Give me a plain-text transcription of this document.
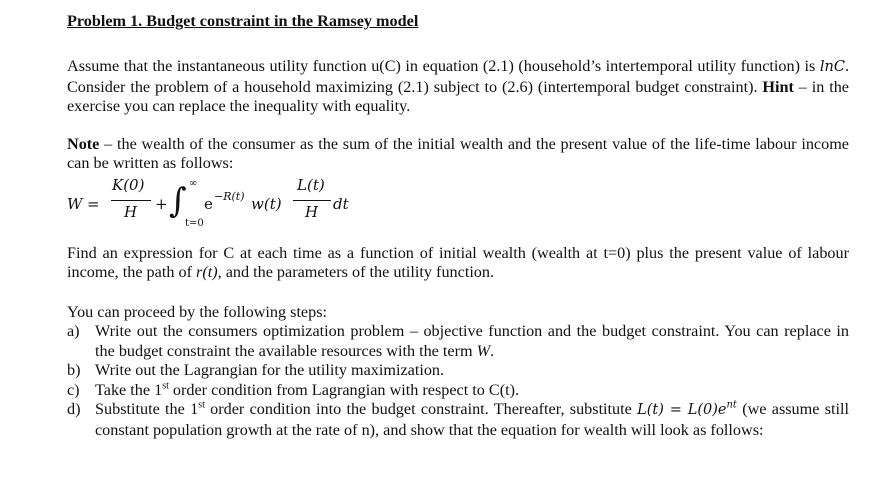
Problem 1. Budget constraint in the Ramsey model

Assume that the instantaneous utility function u(C) in equation (2.1) (household’s intertemporal utility function) is lnC. Consider the problem of a household maximizing (2.1) subject to (2.6) (intertemporal budget constraint). Hint – in the exercise you can replace the inequality with equality.

Note – the wealth of the consumer as the sum of the initial wealth and the present value of the life-time labour income can be written as follows:

W =
K(0)
H + ∫ ∞
t=0
e −R(t) w(t)
L(t)
H dt

Find an expression for C at each time as a function of initial wealth (wealth at t=0) plus the present value of labour income, the path of r(t), and the parameters of the utility function.

You can proceed by the following steps:

a) Write out the consumers optimization problem – objective function and the budget constraint. You can replace in the budget constraint the available resources with the term W.
b) Write out the Lagrangian for the utility maximization.
c) Take the 1st order condition from Lagrangian with respect to C(t).
d) Substitute the 1st order condition into the budget constraint. Thereafter, substitute $L(t) = L(0)e^{nt}$ (we assume still constant population growth at the rate of n), and show that the equation for wealth will look as follows:
